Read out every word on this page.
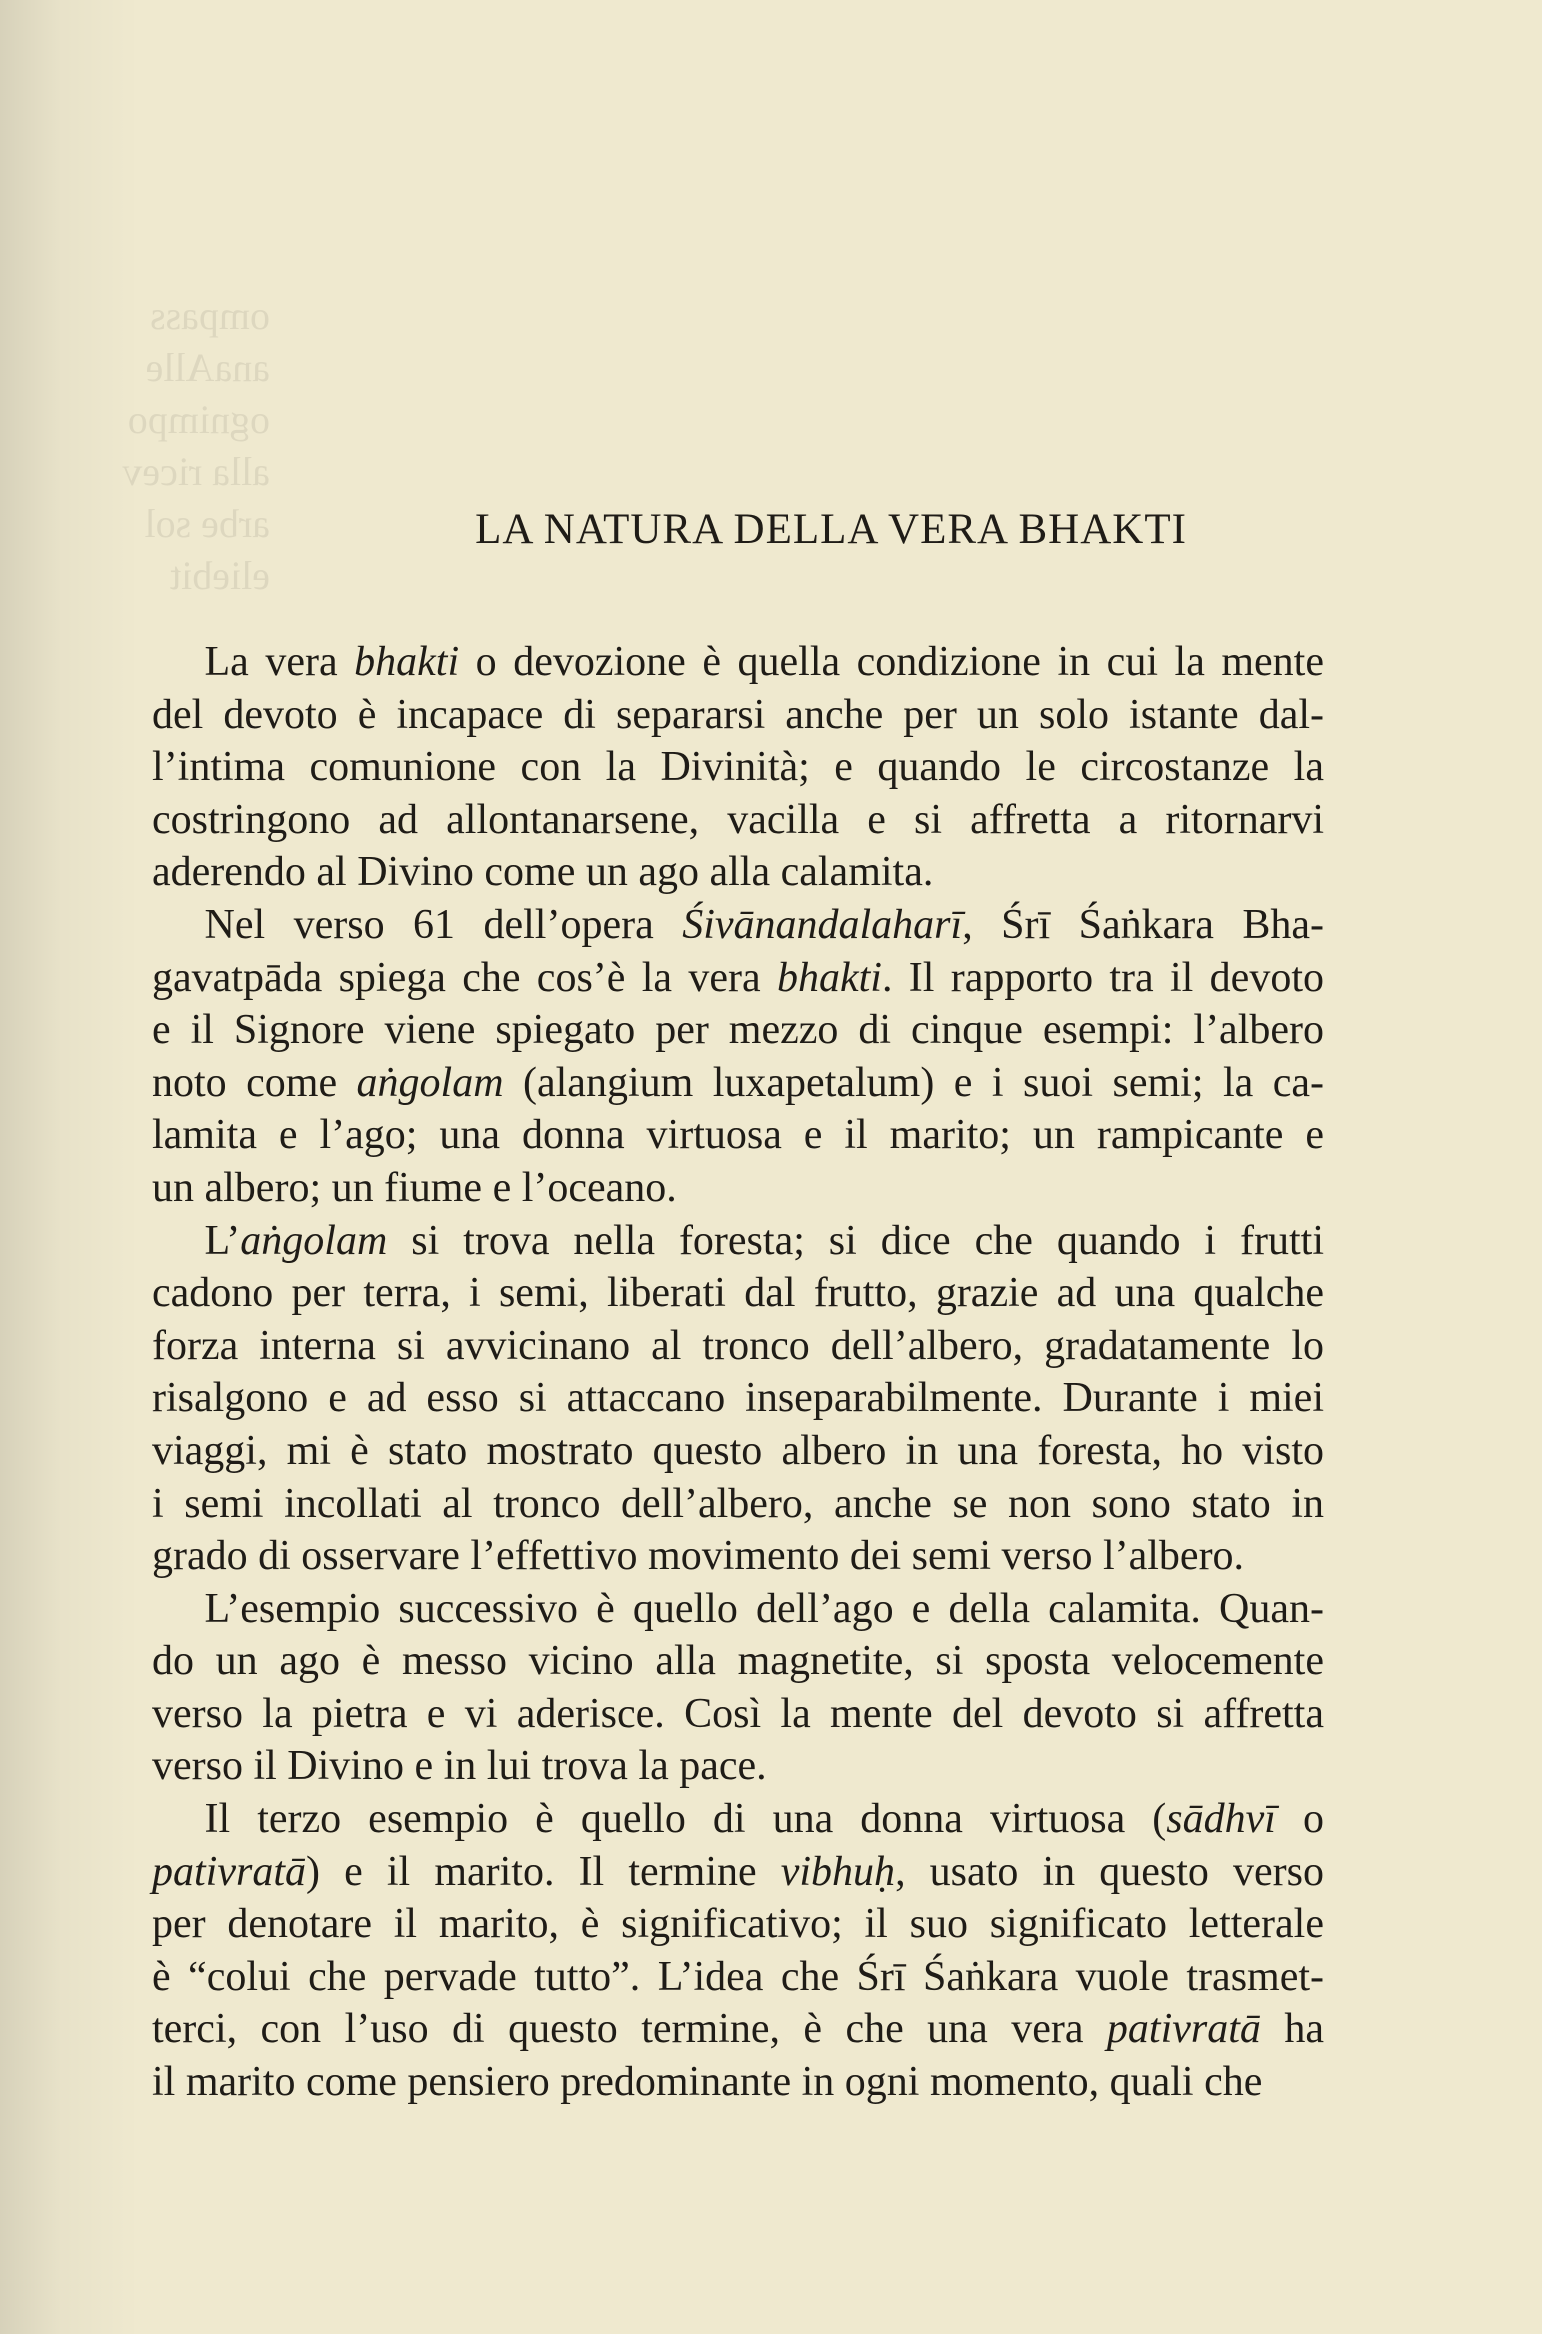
ompass
anaAlle
ognimpo
alla ricev
arbe sol
eliebit

LA NATURA DELLA VERA BHAKTI
La vera bhakti o devozione è quella condizione in cui la mente
del devoto è incapace di separarsi anche per un solo istante dal-
l’intima comunione con la Divinità; e quando le circostanze la
costringono ad allontanarsene, vacilla e si affretta a ritornarvi
aderendo al Divino come un ago alla calamita.
Nel verso 61 dell’opera Śivānandalaharī, Śrī Śaṅkara Bha-
gavatpāda spiega che cos’è la vera bhakti. Il rapporto tra il devoto
e il Signore viene spiegato per mezzo di cinque esempi: l’albero
noto come aṅgolam (alangium luxapetalum) e i suoi semi; la ca-
lamita e l’ago; una donna virtuosa e il marito; un rampicante e
un albero; un fiume e l’oceano.
L’aṅgolam si trova nella foresta; si dice che quando i frutti
cadono per terra, i semi, liberati dal frutto, grazie ad una qualche
forza interna si avvicinano al tronco dell’albero, gradatamente lo
risalgono e ad esso si attaccano inseparabilmente. Durante i miei
viaggi, mi è stato mostrato questo albero in una foresta, ho visto
i semi incollati al tronco dell’albero, anche se non sono stato in
grado di osservare l’effettivo movimento dei semi verso l’albero.
L’esempio successivo è quello dell’ago e della calamita. Quan-
do un ago è messo vicino alla magnetite, si sposta velocemente
verso la pietra e vi aderisce. Così la mente del devoto si affretta
verso il Divino e in lui trova la pace.
Il terzo esempio è quello di una donna virtuosa (sādhvī o
pativratā) e il marito. Il termine vibhuḥ, usato in questo verso
per denotare il marito, è significativo; il suo significato letterale
è “colui che pervade tutto”. L’idea che Śrī Śaṅkara vuole trasmet-
terci, con l’uso di questo termine, è che una vera pativratā ha
il marito come pensiero predominante in ogni momento, quali che
